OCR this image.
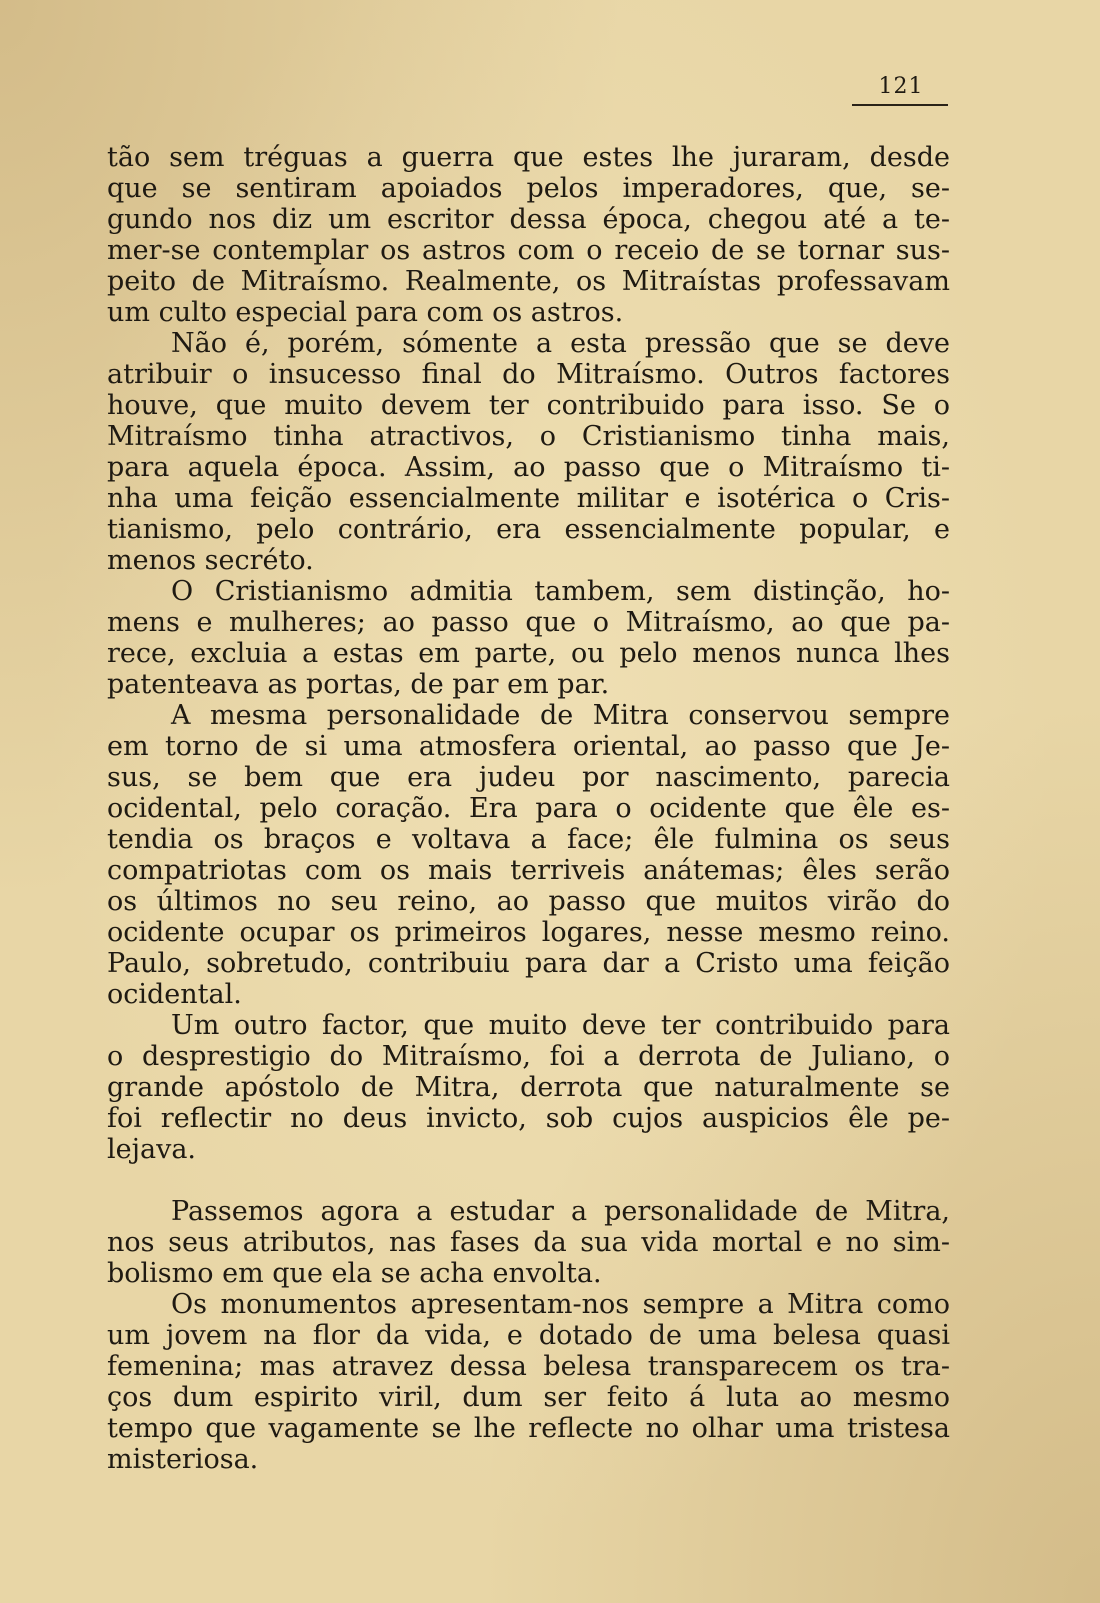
121
tão sem tréguas a guerra que estes lhe juraram, desde
que se sentiram apoiados pelos imperadores, que, se-
gundo nos diz um escritor dessa época, chegou até a te-
mer-se contemplar os astros com o receio de se tornar sus-
peito de Mitraísmo. Realmente, os Mitraístas professavam
um culto especial para com os astros.
Não é, porém, sómente a esta pressão que se deve
atribuir o insucesso final do Mitraísmo. Outros factores
houve, que muito devem ter contribuido para isso. Se o
Mitraísmo tinha atractivos, o Cristianismo tinha mais,
para aquela época. Assim, ao passo que o Mitraísmo ti-
nha uma feição essencialmente militar e isotérica o Cris-
tianismo, pelo contrário, era essencialmente popular, e
menos secréto.
O Cristianismo admitia tambem, sem distinção, ho-
mens e mulheres; ao passo que o Mitraísmo, ao que pa-
rece, excluia a estas em parte, ou pelo menos nunca lhes
patenteava as portas, de par em par.
A mesma personalidade de Mitra conservou sempre
em torno de si uma atmosfera oriental, ao passo que Je-
sus, se bem que era judeu por nascimento, parecia
ocidental, pelo coração. Era para o ocidente que êle es-
tendia os braços e voltava a face; êle fulmina os seus
compatriotas com os mais terriveis anátemas; êles serão
os últimos no seu reino, ao passo que muitos virão do
ocidente ocupar os primeiros logares, nesse mesmo reino.
Paulo, sobretudo, contribuiu para dar a Cristo uma feição
ocidental.
Um outro factor, que muito deve ter contribuido para
o desprestigio do Mitraísmo, foi a derrota de Juliano, o
grande apóstolo de Mitra, derrota que naturalmente se
foi reflectir no deus invicto, sob cujos auspicios êle pe-
lejava.
Passemos agora a estudar a personalidade de Mitra,
nos seus atributos, nas fases da sua vida mortal e no sim-
bolismo em que ela se acha envolta.
Os monumentos apresentam-nos sempre a Mitra como
um jovem na flor da vida, e dotado de uma belesa quasi
femenina; mas atravez dessa belesa transparecem os tra-
ços dum espirito viril, dum ser feito á luta ao mesmo
tempo que vagamente se lhe reflecte no olhar uma tristesa
misteriosa.
